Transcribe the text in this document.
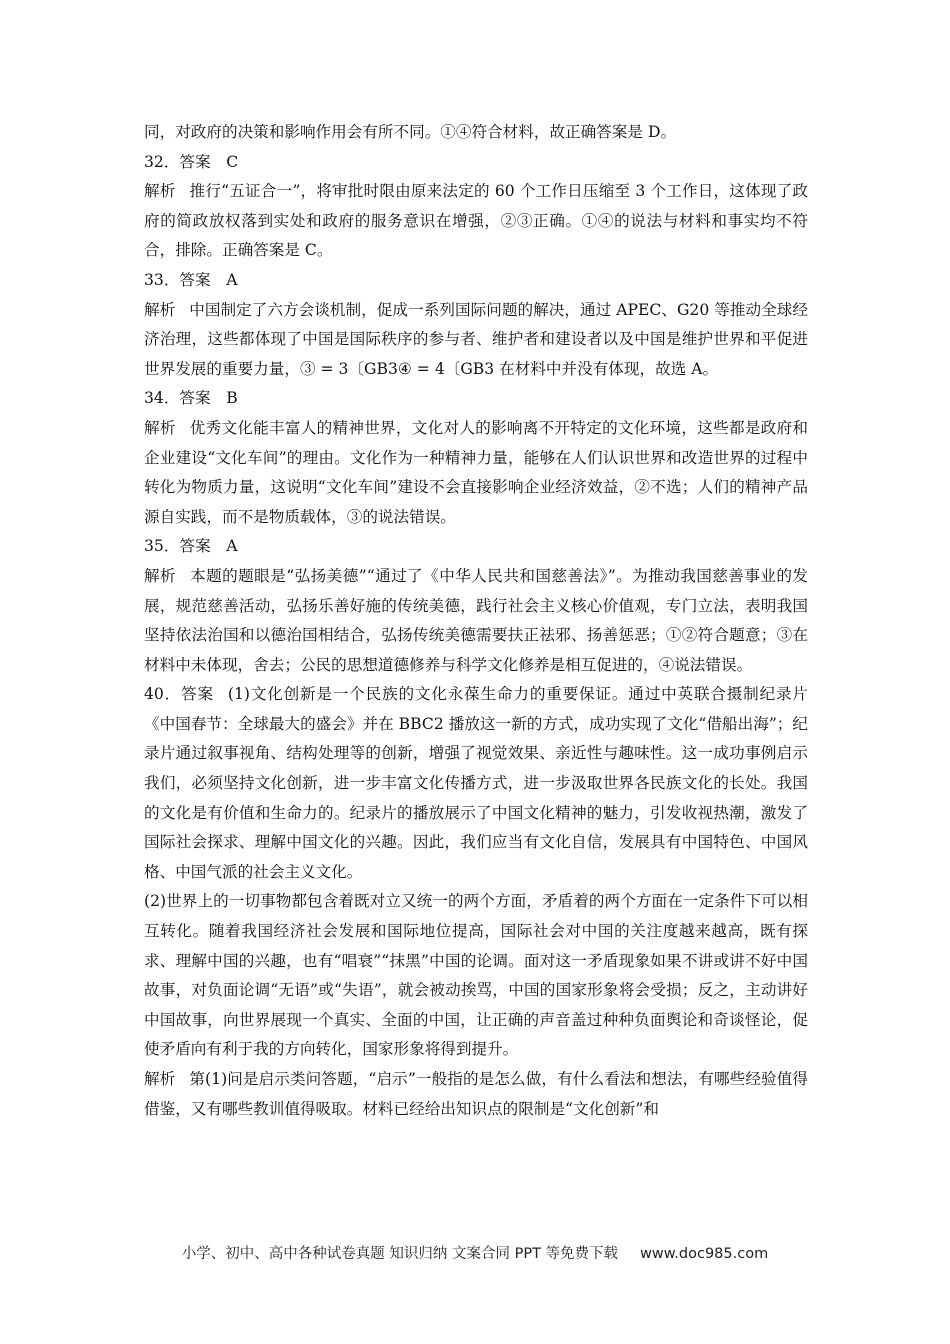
同，对政府的决策和影响作用会有所不同。①④符合材料，故正确答案是 D。

32．答案　C

解析 推行“五证合一”，将审批时限由原来法定的 60 个工作日压缩至 3 个工作日，这体现了政府的简政放权落到实处和政府的服务意识在增强，②③正确。①④的说法与材料和事实均不符合，排除。正确答案是 C。

33．答案　A

解析 中国制定了六方会谈机制，促成一系列国际问题的解决，通过 APEC、G20 等推动全球经济治理，这些都体现了中国是国际秩序的参与者、维护者和建设者以及中国是维护世界和平促进世界发展的重要力量，③ = 3〔GB3④ = 4〔GB3 在材料中并没有体现，故选 A。

34．答案　B

解析 优秀文化能丰富人的精神世界，文化对人的影响离不开特定的文化环境，这些都是政府和企业建设“文化车间”的理由。文化作为一种精神力量，能够在人们认识世界和改造世界的过程中转化为物质力量，这说明“文化车间”建设不会直接影响企业经济效益，②不选；人们的精神产品源自实践，而不是物质载体，③的说法错误。

35．答案　A

解析 本题的题眼是“弘扬美德”“通过了《中华人民共和国慈善法》”。为推动我国慈善事业的发展，规范慈善活动，弘扬乐善好施的传统美德，践行社会主义核心价值观，专门立法，表明我国坚持依法治国和以德治国相结合，弘扬传统美德需要扶正祛邪、扬善惩恶；①②符合题意；③在材料中未体现，舍去；公民的思想道德修养与科学文化修养是相互促进的，④说法错误。

40．答案 (1)文化创新是一个民族的文化永葆生命力的重要保证。通过中英联合摄制纪录片《中国春节：全球最大的盛会》并在 BBC2 播放这一新的方式，成功实现了文化“借船出海”；纪录片通过叙事视角、结构处理等的创新，增强了视觉效果、亲近性与趣味性。这一成功事例启示我们，必须坚持文化创新，进一步丰富文化传播方式，进一步汲取世界各民族文化的长处。我国的文化是有价值和生命力的。纪录片的播放展示了中国文化精神的魅力，引发收视热潮，激发了国际社会探求、理解中国文化的兴趣。因此，我们应当有文化自信，发展具有中国特色、中国风格、中国气派的社会主义文化。

(2)世界上的一切事物都包含着既对立又统一的两个方面，矛盾着的两个方面在一定条件下可以相互转化。随着我国经济社会发展和国际地位提高，国际社会对中国的关注度越来越高，既有探求、理解中国的兴趣，也有“唱衰”“抹黑”中国的论调。面对这一矛盾现象如果不讲或讲不好中国故事，对负面论调“无语”或“失语”，就会被动挨骂，中国的国家形象将会受损；反之，主动讲好中国故事，向世界展现一个真实、全面的中国，让正确的声音盖过种种负面舆论和奇谈怪论，促使矛盾向有利于我的方向转化，国家形象将得到提升。

解析 第(1)问是启示类问答题，“启示”一般指的是怎么做，有什么看法和想法，有哪些经验值得借鉴，又有哪些教训值得吸取。材料已经给出知识点的限制是“文化创新”和

小学、初中、高中各种试卷真题 知识归纳 文案合同 PPT 等免费下载 www.doc985.com
